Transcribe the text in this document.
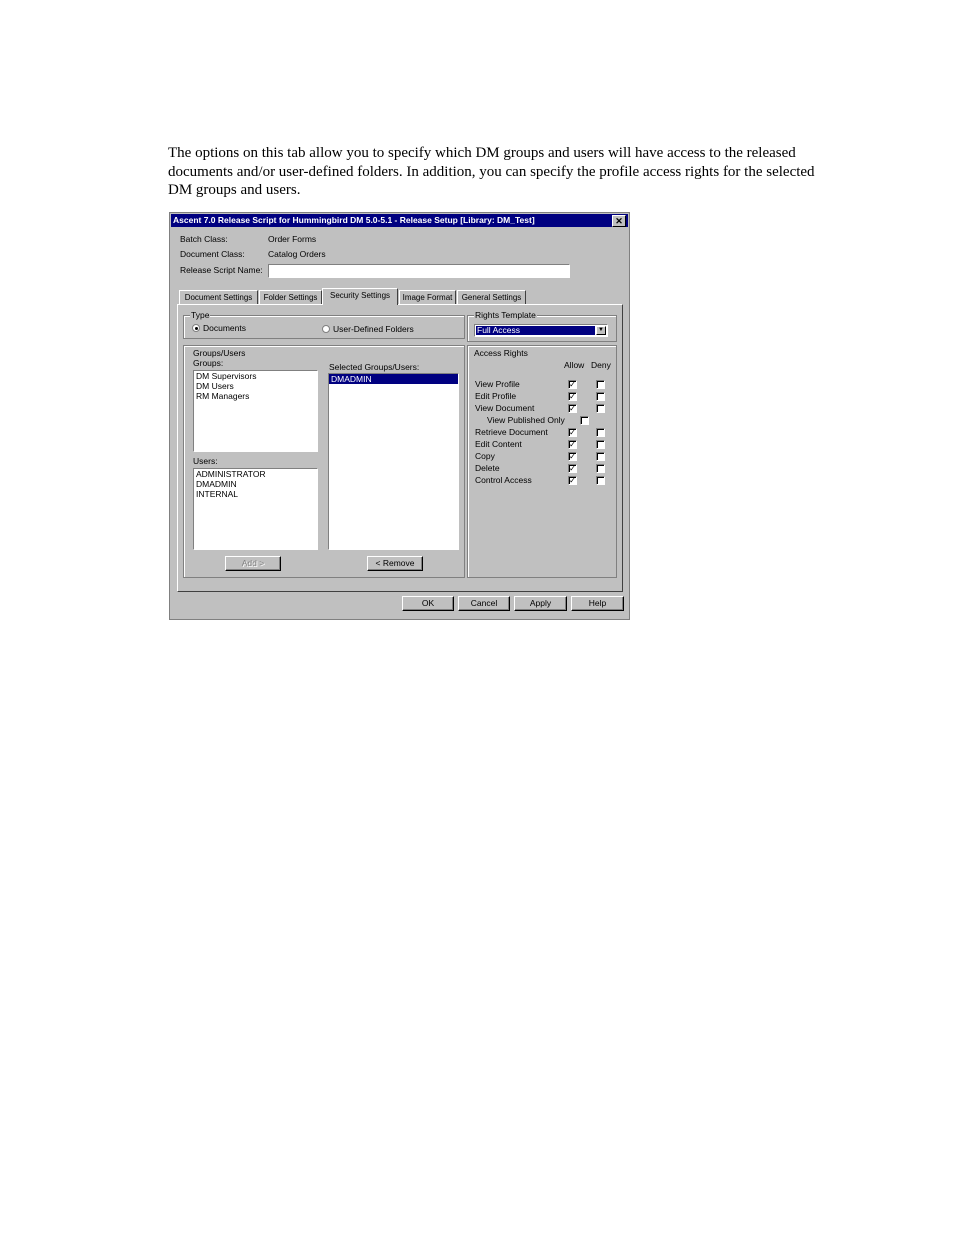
The options on this tab allow you to specify which DM groups and users will have access to the released documents and/or user-defined folders. In addition, you can specify the profile access rights for the selected DM groups and users.

Ascent 7.0 Release Script for Hummingbird DM 5.0-5.1 - Release Setup [Library: DM_Test]	✕
Batch Class:	Order Forms
Document Class:	Catalog Orders
Release Script Name:
Document Settings	Folder Settings	Security Settings	Image Format	General Settings
Type
Documents	User-Defined Folders
Rights Template
Full Access	▼
Groups/Users
Groups:
DM Supervisors
DM Users
RM Managers
Users:
ADMINISTRATOR
DMADMIN
INTERNAL
Selected Groups/Users:
DMADMIN
Add >	< Remove
Access Rights
Allow Deny
View Profile	✓
Edit Profile	✓
View Document	✓
View Published Only
Retrieve Document	✓
Edit Content	✓
Copy	✓
Delete	✓
Control Access	✓
OK	Cancel	Apply	Help
